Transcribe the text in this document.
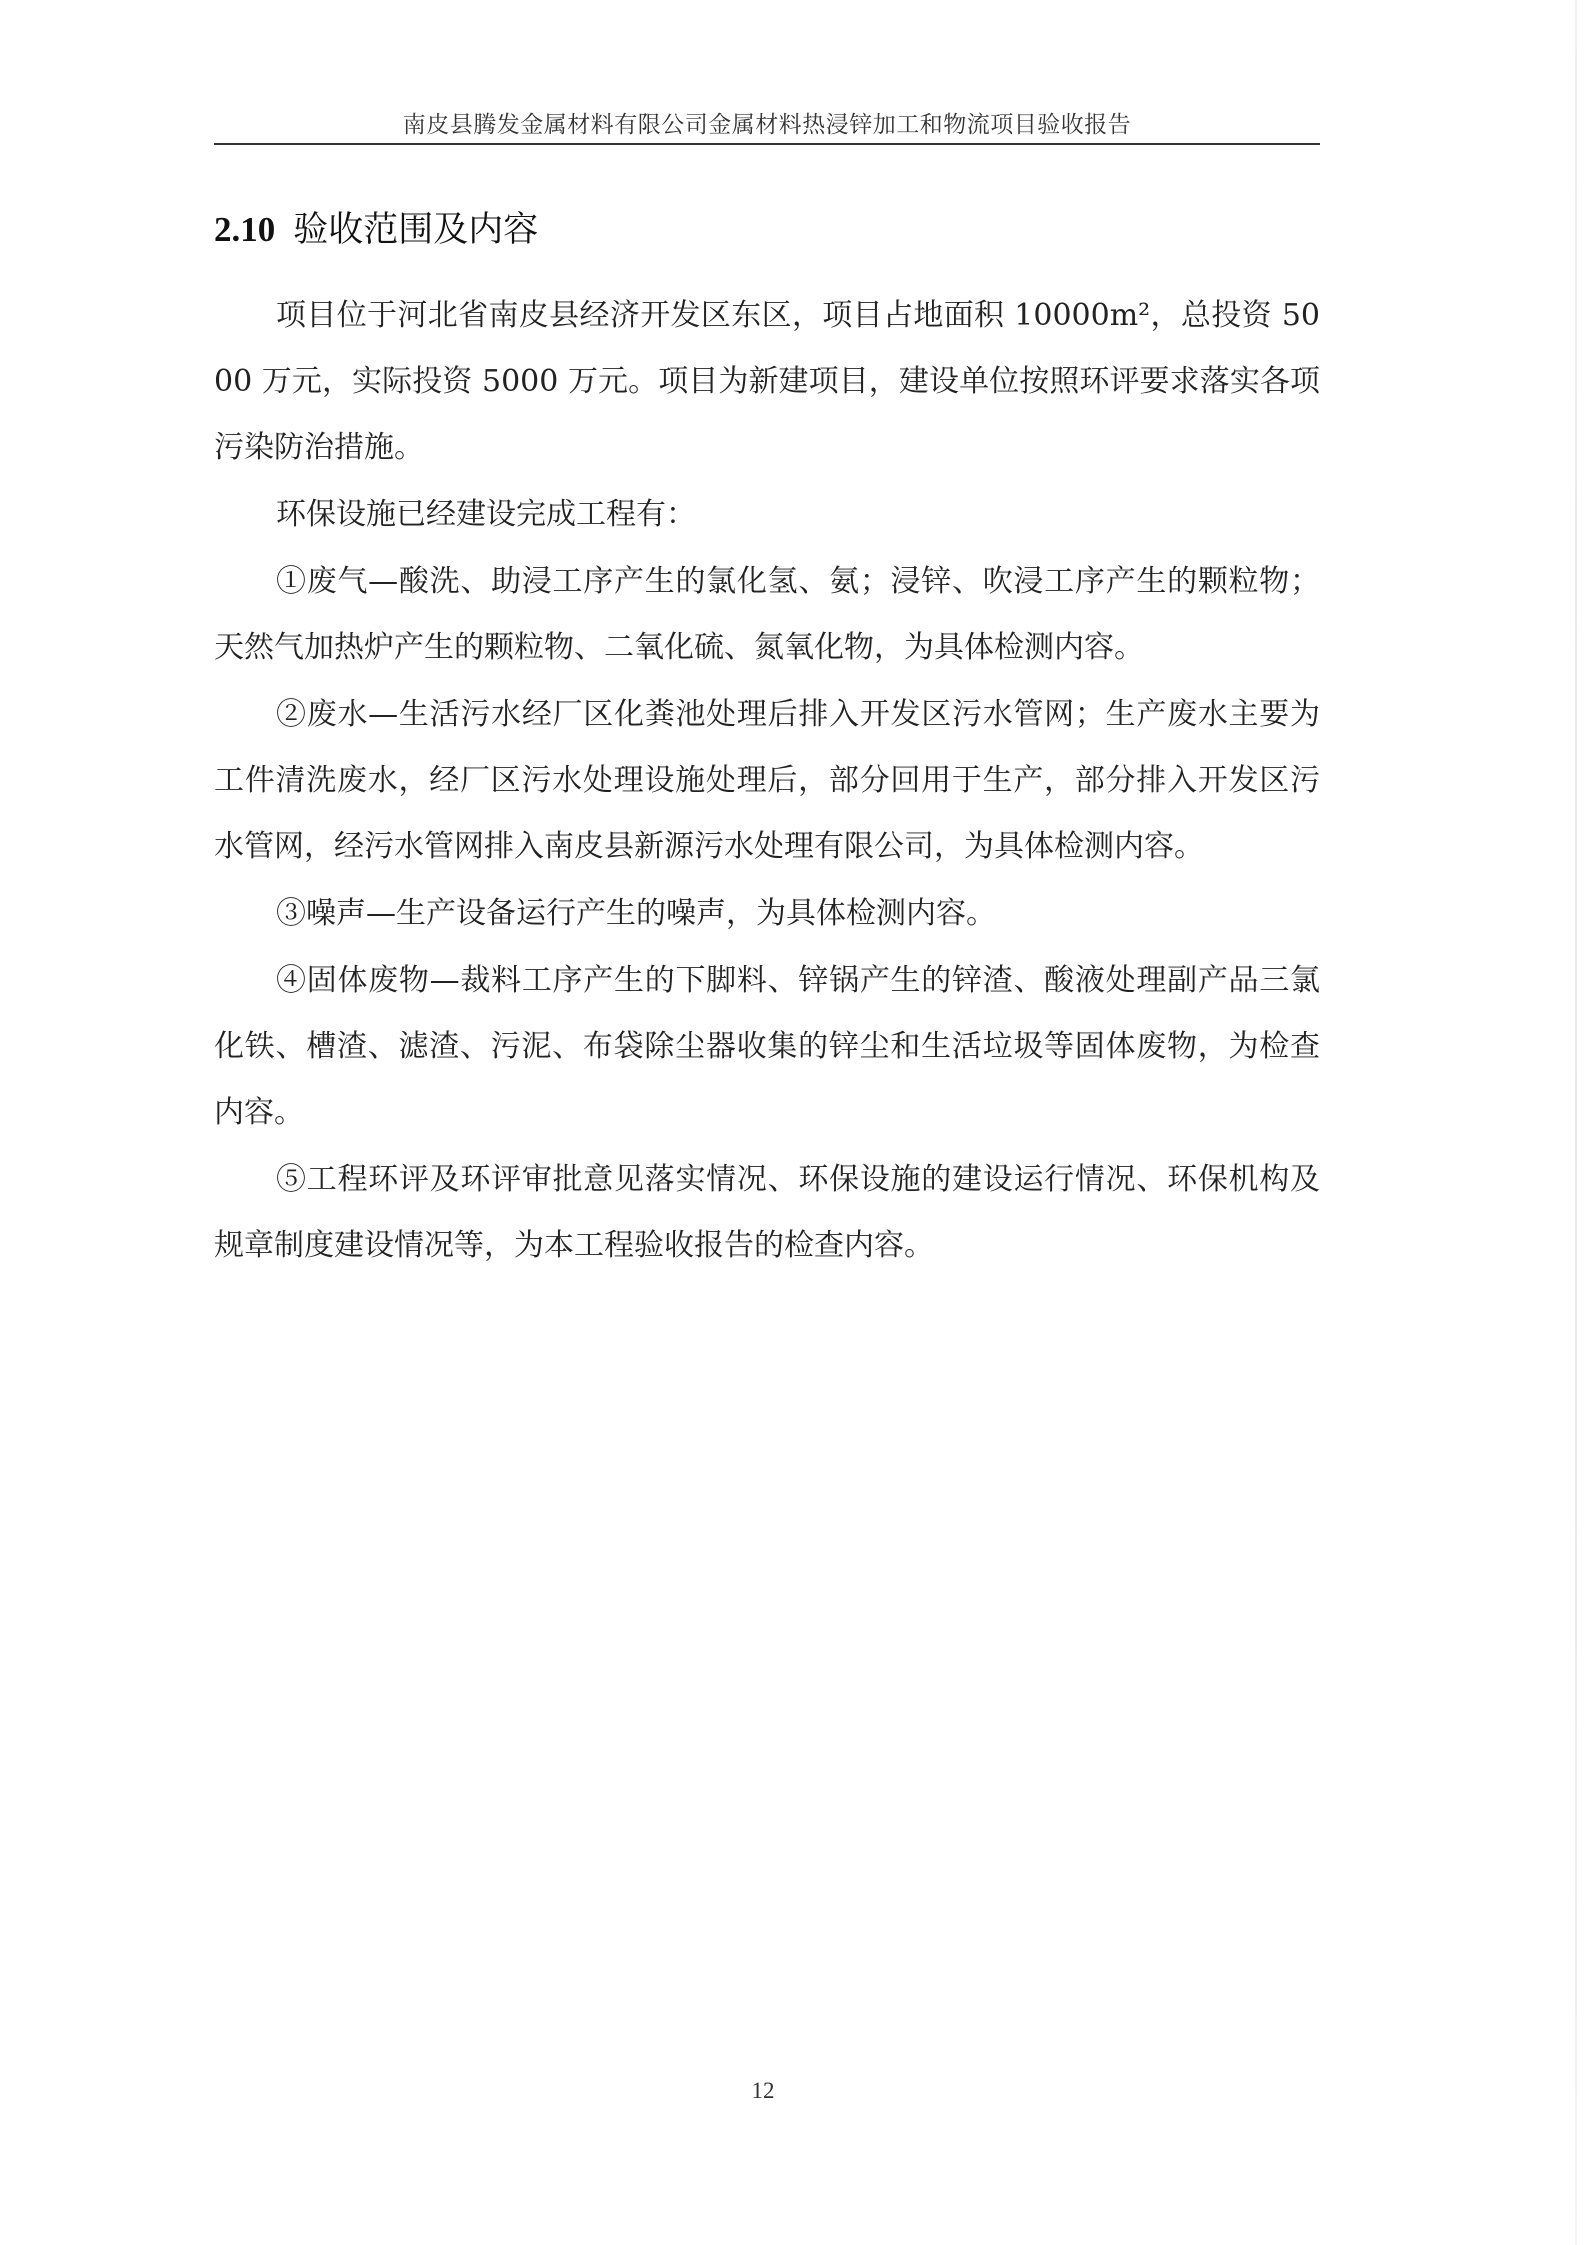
南皮县腾发金属材料有限公司金属材料热浸锌加工和物流项目验收报告
2.10 验收范围及内容

项目位于河北省南皮县经济开发区东区，项目占地面积 10000m²，总投资 5000 万元，实际投资 5000 万元。项目为新建项目，建设单位按照环评要求落实各项污染防治措施。

环保设施已经建设完成工程有：

①废气—酸洗、助浸工序产生的氯化氢、氨；浸锌、吹浸工序产生的颗粒物；天然气加热炉产生的颗粒物、二氧化硫、氮氧化物，为具体检测内容。

②废水—生活污水经厂区化粪池处理后排入开发区污水管网；生产废水主要为工件清洗废水，经厂区污水处理设施处理后，部分回用于生产，部分排入开发区污水管网，经污水管网排入南皮县新源污水处理有限公司，为具体检测内容。

③噪声—生产设备运行产生的噪声，为具体检测内容。

④固体废物—裁料工序产生的下脚料、锌锅产生的锌渣、酸液处理副产品三氯化铁、槽渣、滤渣、污泥、布袋除尘器收集的锌尘和生活垃圾等固体废物，为检查内容。

⑤工程环评及环评审批意见落实情况、环保设施的建设运行情况、环保机构及规章制度建设情况等，为本工程验收报告的检查内容。

12
